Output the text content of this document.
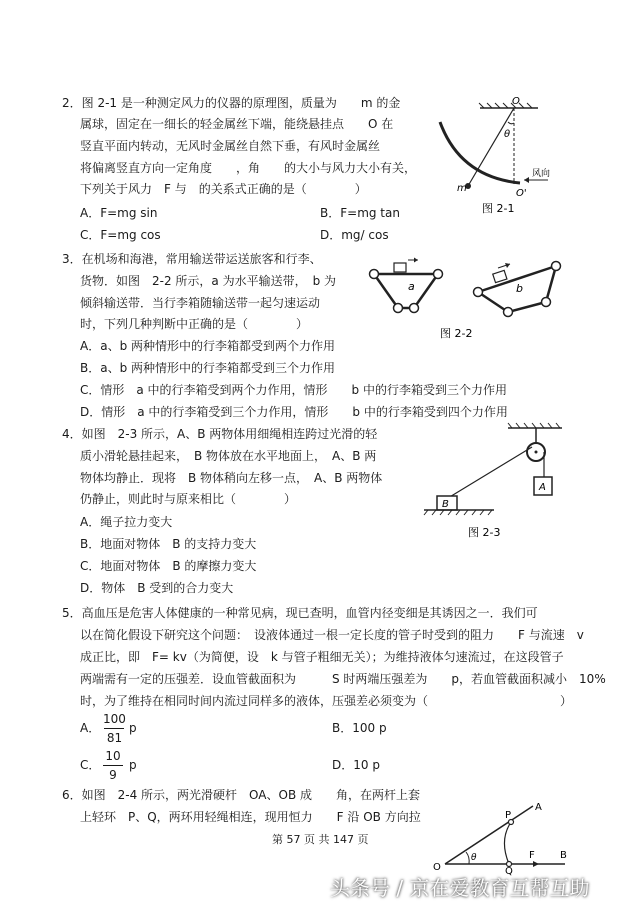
2．图 2-1 是一种测定风力的仪器的原理图，质量为　　m 的金
属球，固定在一细长的轻金属丝下端，能绕悬挂点　　O 在
竖直平面内转动，无风时金属丝自然下垂，有风时金属丝
将偏离竖直方向一定角度　　，角　　的大小与风力大小有关，
下列关于风力　F 与　的关系式正确的是（　　　　）
A．F=mg sin	B．F=mg tan
C．F=mg cos	D．mg/ cos
O
θ
m	O'
风向
图 2-1
3．在机场和海港，常用输送带运送旅客和行李、
货物．如图　2-2 所示，a 为水平输送带，　b 为
倾斜输送带．当行李箱随输送带一起匀速运动
时，下列几种判断中正确的是（　　　　）
A．a、b 两种情形中的行李箱都受到两个力作用
B．a、b 两种情形中的行李箱都受到三个力作用
C．情形　a 中的行李箱受到两个力作用，情形　　b 中的行李箱受到三个力作用
D．情形　a 中的行李箱受到三个力作用，情形　　b 中的行李箱受到四个力作用
a	b
图 2-2
4．如图　2-3 所示，A、B 两物体用细绳相连跨过光滑的轻
质小滑轮悬挂起来，　B 物体放在水平地面上，　A、B 两
物体均静止．现将　B 物体稍向左移一点，　A、B 两物体
仍静止，则此时与原来相比（　　　　）
A．绳子拉力变大
B．地面对物体　B 的支持力变大
C．地面对物体　B 的摩擦力变大
D．物体　B 受到的合力变大
A
B
图 2-3
5．高血压是危害人体健康的一种常见病，现已查明，血管内径变细是其诱因之一．我们可
以在简化假设下研究这个问题：　设液体通过一根一定长度的管子时受到的阻力　　F 与流速　v
成正比，即　F= kv（为简便，设　k 与管子粗细无关）；为维持液体匀速流过，在这段管子
两端需有一定的压强差．设血管截面积为　　　S 时两端压强差为　　p，若血管截面积减小　10%
时，为了维持在相同时间内流过同样多的液体，压强差必须变为（　　　　　　　　　　　）
A．
100
81
p	B．100 p
C．
10
9
p	D．10 p
6．如图　2-4 所示，两光滑硬杆　OA、OB 成　　角，在两杆上套
上轻环　P、Q，两环用轻绳相连，现用恒力　　F 沿 OB 方向拉
A
P
θ
O	Q
F	B
第 57 页 共 147 页
头条号 / 京在爱教育互帮互助
